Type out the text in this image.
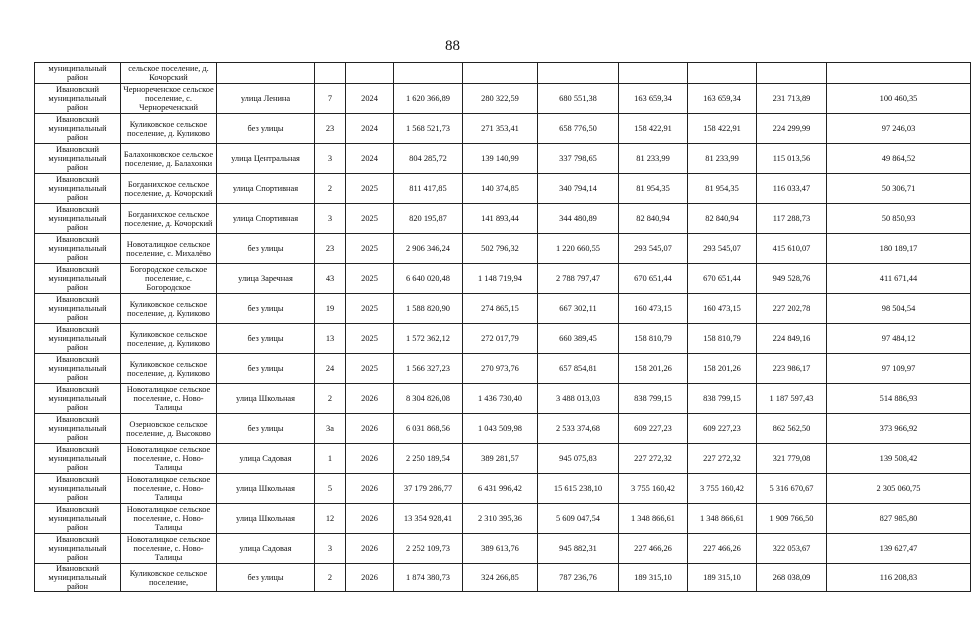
88
муниципальный район	сельское поселение, д. Кочорский										
Ивановский муниципальный район	Чернореченское сельское поселение, с. Чернореченский	улица Ленина	7	2024	1 620 366,89	280 322,59	680 551,38	163 659,34	163 659,34	231 713,89	100 460,35
Ивановский муниципальный район	Куликовское сельское поселение, д. Куликово	без улицы	23	2024	1 568 521,73	271 353,41	658 776,50	158 422,91	158 422,91	224 299,99	97 246,03
Ивановский муниципальный район	Балахонковское сельское поселение, д. Балахонки	улица Центральная	3	2024	804 285,72	139 140,99	337 798,65	81 233,99	81 233,99	115 013,56	49 864,52
Ивановский муниципальный район	Богданихское сельское поселение, д. Кочорский	улица Спортивная	2	2025	811 417,85	140 374,85	340 794,14	81 954,35	81 954,35	116 033,47	50 306,71
Ивановский муниципальный район	Богданихское сельское поселение, д. Кочорский	улица Спортивная	3	2025	820 195,87	141 893,44	344 480,89	82 840,94	82 840,94	117 288,73	50 850,93
Ивановский муниципальный район	Новоталицкое сельское поселение, с. Михалёво	без улицы	23	2025	2 906 346,24	502 796,32	1 220 660,55	293 545,07	293 545,07	415 610,07	180 189,17
Ивановский муниципальный район	Богородское сельское поселение, с. Богородское	улица Заречная	43	2025	6 640 020,48	1 148 719,94	2 788 797,47	670 651,44	670 651,44	949 528,76	411 671,44
Ивановский муниципальный район	Куликовское сельское поселение, д. Куликово	без улицы	19	2025	1 588 820,90	274 865,15	667 302,11	160 473,15	160 473,15	227 202,78	98 504,54
Ивановский муниципальный район	Куликовское сельское поселение, д. Куликово	без улицы	13	2025	1 572 362,12	272 017,79	660 389,45	158 810,79	158 810,79	224 849,16	97 484,12
Ивановский муниципальный район	Куликовское сельское поселение, д. Куликово	без улицы	24	2025	1 566 327,23	270 973,76	657 854,81	158 201,26	158 201,26	223 986,17	97 109,97
Ивановский муниципальный район	Новоталицкое сельское поселение, с. Ново-Талицы	улица Школьная	2	2026	8 304 826,08	1 436 730,40	3 488 013,03	838 799,15	838 799,15	1 187 597,43	514 886,93
Ивановский муниципальный район	Озерновское сельское поселение, д. Высоково	без улицы	3а	2026	6 031 868,56	1 043 509,98	2 533 374,68	609 227,23	609 227,23	862 562,50	373 966,92
Ивановский муниципальный район	Новоталицкое сельское поселение, с. Ново-Талицы	улица Садовая	1	2026	2 250 189,54	389 281,57	945 075,83	227 272,32	227 272,32	321 779,08	139 508,42
Ивановский муниципальный район	Новоталицкое сельское поселение, с. Ново-Талицы	улица Школьная	5	2026	37 179 286,77	6 431 996,42	15 615 238,10	3 755 160,42	3 755 160,42	5 316 670,67	2 305 060,75
Ивановский муниципальный район	Новоталицкое сельское поселение, с. Ново-Талицы	улица Школьная	12	2026	13 354 928,41	2 310 395,36	5 609 047,54	1 348 866,61	1 348 866,61	1 909 766,50	827 985,80
Ивановский муниципальный район	Новоталицкое сельское поселение, с. Ново-Талицы	улица Садовая	3	2026	2 252 109,73	389 613,76	945 882,31	227 466,26	227 466,26	322 053,67	139 627,47
Ивановский муниципальный район	Куликовское сельское поселение,	без улицы	2	2026	1 874 380,73	324 266,85	787 236,76	189 315,10	189 315,10	268 038,09	116 208,83
